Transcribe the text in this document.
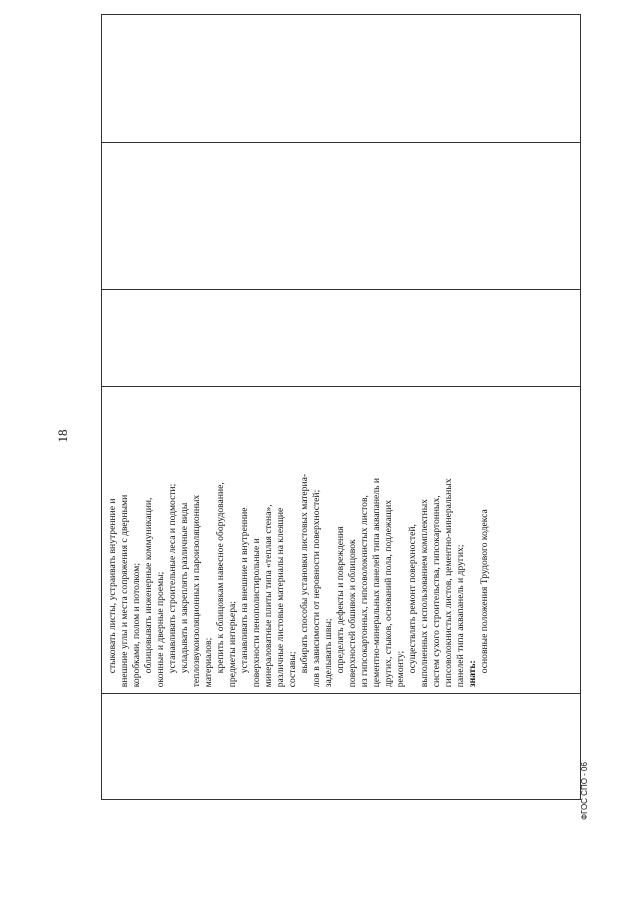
18
стыковать листы, устраивать внутренние и внешние углы и места сопряжения с дверными коробками, полом и потолком; облицовывать инженерные коммуникации, оконные и дверные проемы; устанавливать строительные леса и подмости; укладывать и закреплять различные виды теплозвукоизоляционных и пароизоляционных материалов; крепить к облицовкам навесное оборудование, предметы интерьера; устанавливать на внешние и внутренние поверхности пенополистирольные и минераловатные плиты типа «теплая стена», различные листовые материалы на клеящие составы; выбирать способы установки листовых материа- лов в зависимости от неровности поверхностей; заделывать швы; определять дефекты и повреждения поверхностей обшивок и облицовок из гипсокартонных, гипсоволокнистых листов, цементно-минеральных панелей типа аквапанель и других, стыков, оснований пола, подлежащих ремонту; осуществлять ремонт поверхностей, выполненных с использованием комплектных систем сухого строительства, гипсокартонных, гипсоволокнистых листов, цементно-минеральных панелей типа аквапанель и других; знать:
основные положения Трудового кодекса
ФГОС СПО - 06
